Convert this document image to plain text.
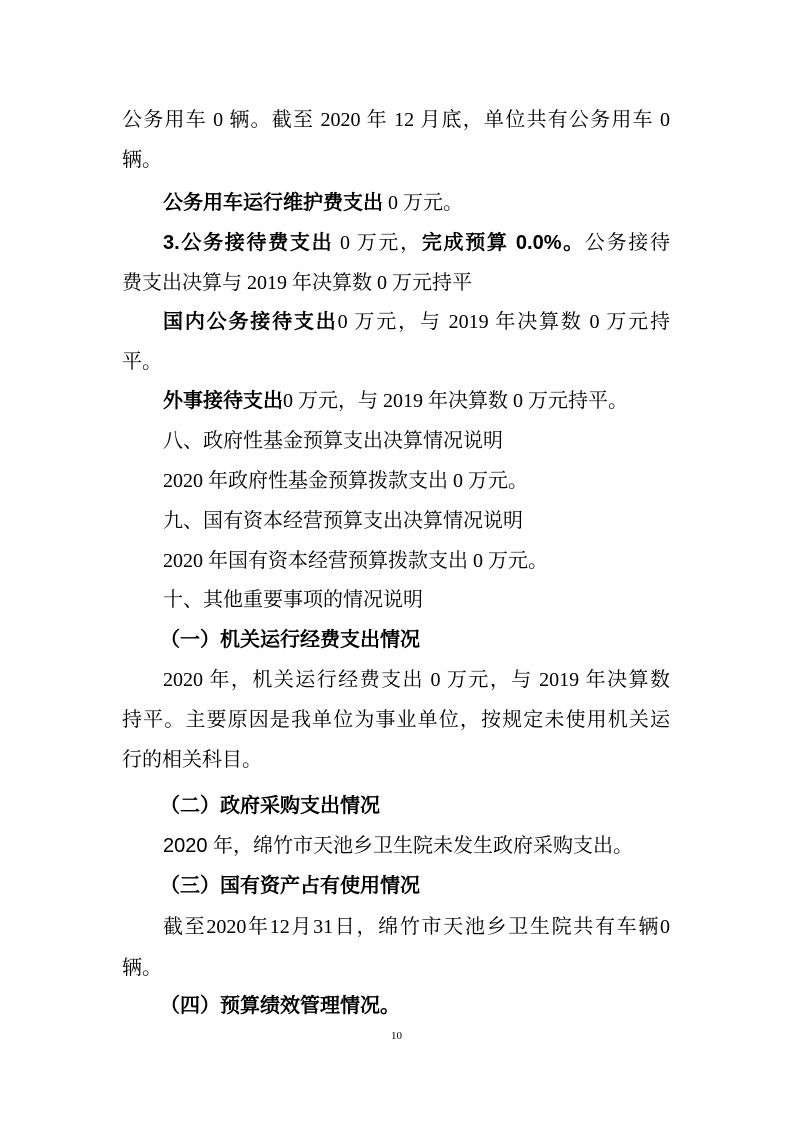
公务用车 0 辆。截至 2020 年 12 月底，单位共有公务用车 0
辆。
公务用车运行维护费支出 0 万元。
3.公务接待费支出 0 万元，完成预算 0.0%。公务接待
费支出决算与 2019 年决算数 0 万元持平
国内公务接待支出0 万元，与 2019 年决算数 0 万元持
平。
外事接待支出0 万元，与 2019 年决算数 0 万元持平。
八、政府性基金预算支出决算情况说明
2020 年政府性基金预算拨款支出 0 万元。
九、国有资本经营预算支出决算情况说明
2020 年国有资本经营预算拨款支出 0 万元。
十、其他重要事项的情况说明
（一）机关运行经费支出情况
2020 年，机关运行经费支出 0 万元，与 2019 年决算数
持平。主要原因是我单位为事业单位，按规定未使用机关运
行的相关科目。
（二）政府采购支出情况
2020 年，绵竹市天池乡卫生院未发生政府采购支出。
（三）国有资产占有使用情况
截至2020年12月31日，绵竹市天池乡卫生院共有车辆0
辆。
（四）预算绩效管理情况。
10
